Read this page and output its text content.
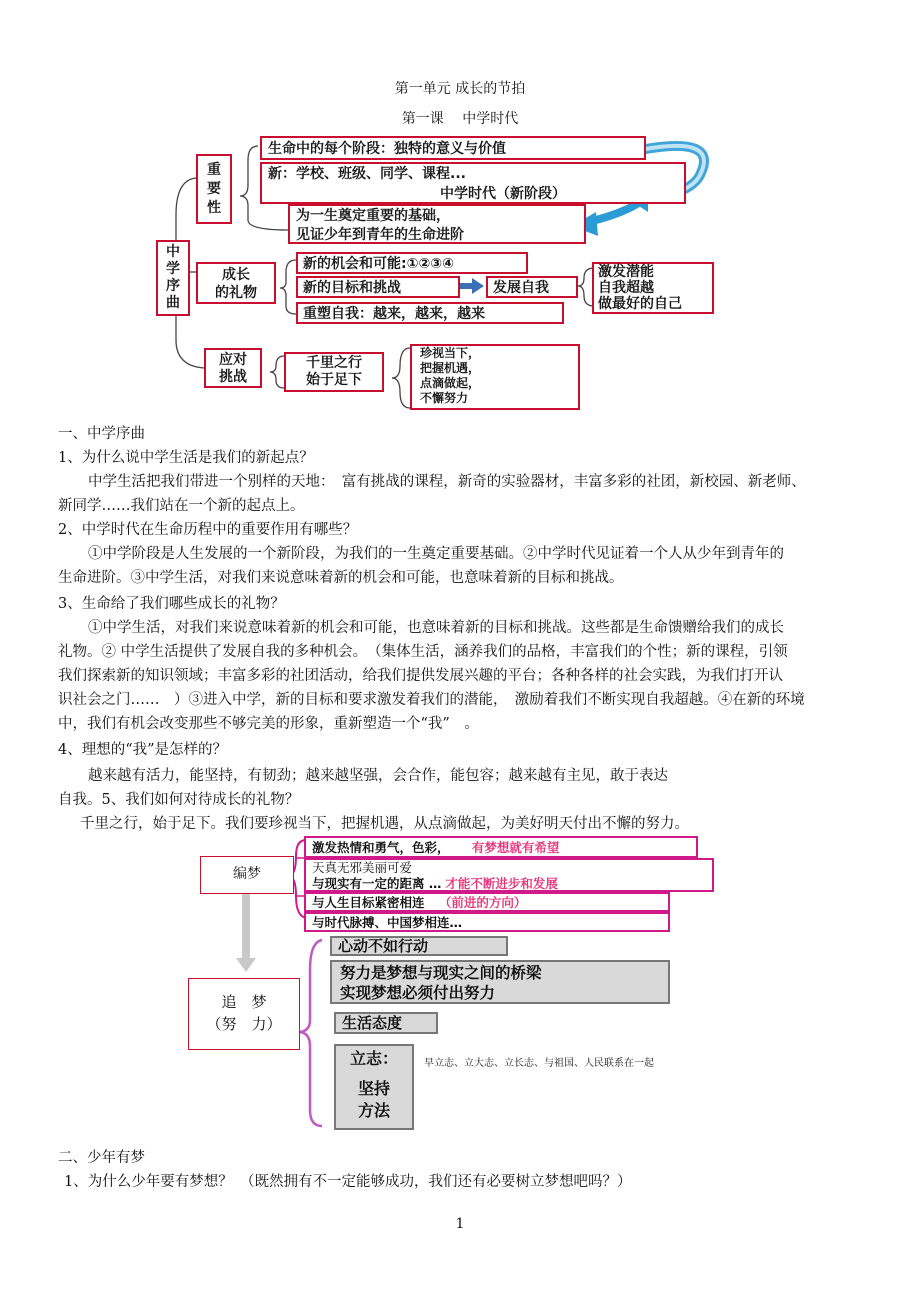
第一单元 成长的节拍
第一课　 中学时代
中
学
序
曲
重
要
性
生命中的每个阶段：独特的意义与价值
新：学校、班级、同学、课程...
中学时代（新阶段）
为一生奠定重要的基础，
见证少年到青年的生命进阶
成长
的礼物
新的机会和可能:①②③④
新的目标和挑战	发展自我
重塑自我：越来，越来，越来
激发潜能
自我超越
做最好的自己
应对
挑战
千里之行
始于足下
珍视当下，
把握机遇，
点滴做起，
不懈努力
一、中学序曲
1、为什么说中学生活是我们的新起点？
中学生活把我们带进一个别样的天地：　富有挑战的课程，新奇的实验器材，丰富多彩的社团，新校园、新老师、
新同学……我们站在一个新的起点上。
2、中学时代在生命历程中的重要作用有哪些？
①中学阶段是人生发展的一个新阶段，为我们的一生奠定重要基础。②中学时代见证着一个人从少年到青年的
生命进阶。③中学生活，对我们来说意味着新的机会和可能，也意味着新的目标和挑战。
3、生命给了我们哪些成长的礼物？
①中学生活，对我们来说意味着新的机会和可能，也意味着新的目标和挑战。这些都是生命馈赠给我们的成长
礼物。② 中学生活提供了发展自我的多种机会。　（集体生活，涵养我们的品格，丰富我们的个性；新的课程，引领
我们探索新的知识领域；丰富多彩的社团活动，给我们提供发展兴趣的平台；各种各样的社会实践，为我们打开认
识社会之门……　）③进入中学，新的目标和要求激发着我们的潜能，　激励着我们不断实现自我超越。④在新的环境
中，我们有机会改变那些不够完美的形象，重新塑造一个“我”　。
4、理想的“我”是怎样的？
越来越有活力，能坚持，有韧劲；越来越坚强，会合作，能包容；越来越有主见，敢于表达
自我。5、我们如何对待成长的礼物？
千里之行，始于足下。我们要珍视当下，把握机遇，从点滴做起，为美好明天付出不懈的努力。
编梦
激发热情和勇气，色彩， 有梦想就有希望
天真无邪美丽可爱
与现实有一定的距离 … 才能不断进步和发展
与人生目标紧密相连 （前进的方向）
与时代脉搏、中国梦相连…
追　梦
（努　力）
心动不如行动
努力是梦想与现实之间的桥梁
实现梦想必须付出努力
生活态度
立志：
坚持
方法
早立志、立大志、立长志、与祖国、人民联系在一起
二、少年有梦
1、为什么少年要有梦想？　（既然拥有不一定能够成功，我们还有必要树立梦想吧吗？）
1
